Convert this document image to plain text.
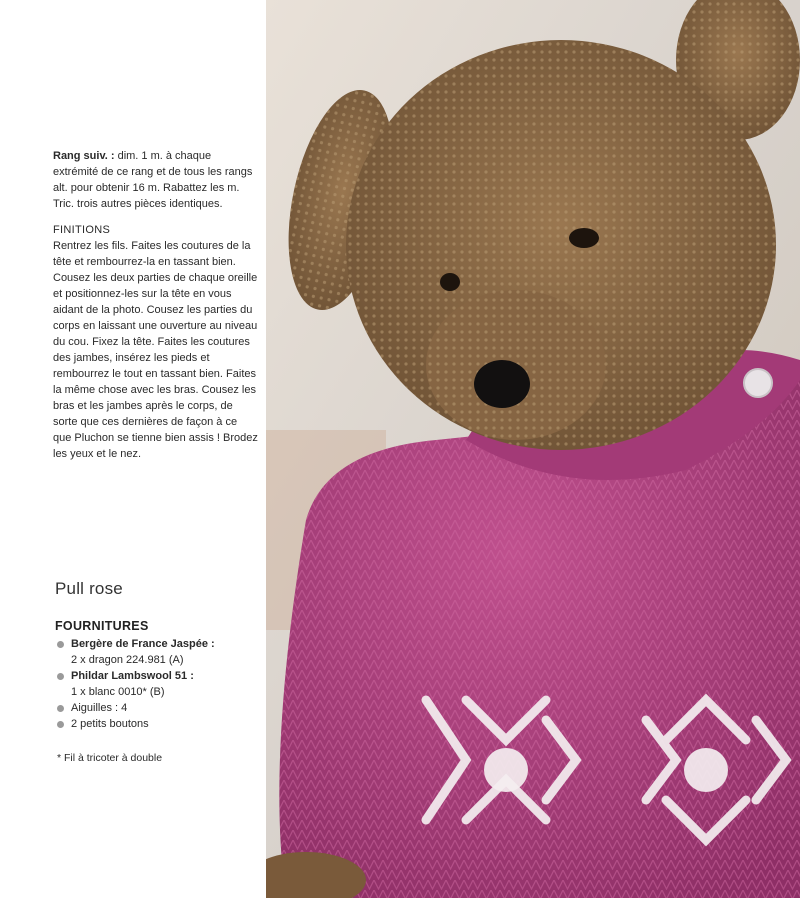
Rang suiv. : dim. 1 m. à chaque extrémité de ce rang et de tous les rangs alt. pour obtenir 16 m. Rabattez les m.

Tric. trois autres pièces identiques.

FINITIONS

Rentrez les fils. Faites les coutures de la tête et rembourrez-la en tassant bien. Cousez les deux parties de chaque oreille et positionnez-les sur la tête en vous aidant de la photo. Cousez les parties du corps en laissant une ouverture au niveau du cou. Fixez la tête. Faites les coutures des jambes, insérez les pieds et rembourrez le tout en tassant bien. Faites la même chose avec les bras. Cousez les bras et les jambes après le corps, de sorte que ces dernières de façon à ce que Pluchon se tienne bien assis ! Brodez les yeux et le nez.

Pull rose
FOURNITURES
Bergère de France Jaspée :
2 x dragon 224.981 (A)
Phildar Lambswool 51 :
1 x blanc 0010* (B)
Aiguilles : 4
2 petits boutons
* Fil à tricoter à double
